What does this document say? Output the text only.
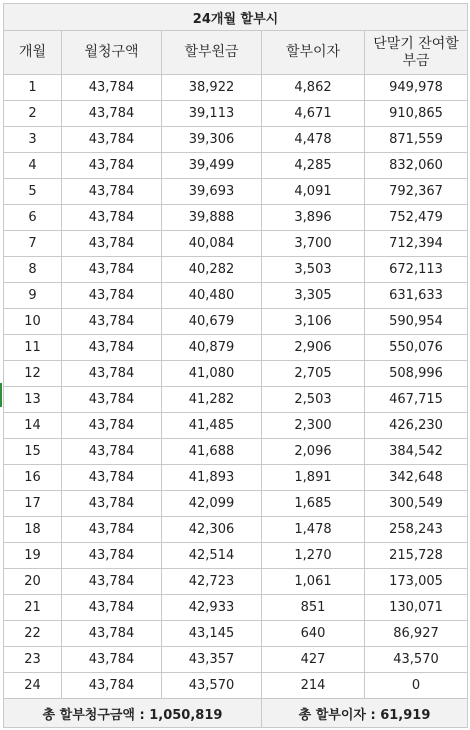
24개월 할부시				
개월	월청구액	할부원금	할부이자	단말기 잔여할부금
1	43,784	38,922	4,862	949,978
2	43,784	39,113	4,671	910,865
3	43,784	39,306	4,478	871,559
4	43,784	39,499	4,285	832,060
5	43,784	39,693	4,091	792,367
6	43,784	39,888	3,896	752,479
7	43,784	40,084	3,700	712,394
8	43,784	40,282	3,503	672,113
9	43,784	40,480	3,305	631,633
10	43,784	40,679	3,106	590,954
11	43,784	40,879	2,906	550,076
12	43,784	41,080	2,705	508,996
13	43,784	41,282	2,503	467,715
14	43,784	41,485	2,300	426,230
15	43,784	41,688	2,096	384,542
16	43,784	41,893	1,891	342,648
17	43,784	42,099	1,685	300,549
18	43,784	42,306	1,478	258,243
19	43,784	42,514	1,270	215,728
20	43,784	42,723	1,061	173,005
21	43,784	42,933	851	130,071
22	43,784	43,145	640	86,927
23	43,784	43,357	427	43,570
24	43,784	43,570	214	0
총 할부청구금액 : 1,050,819			총 할부이자 : 61,919	
